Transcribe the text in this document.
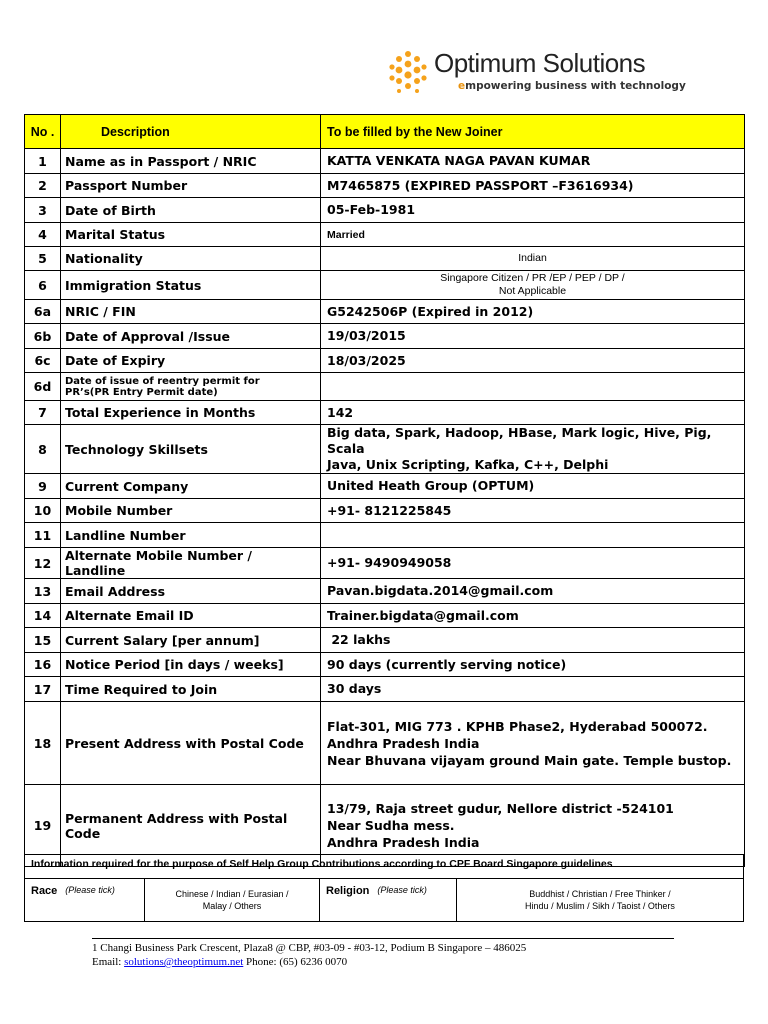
Optimum Solutions
empowering business with technology
No .	Description	To be filled by the New Joiner
1	Name as in Passport / NRIC	KATTA VENKATA NAGA PAVAN KUMAR
2	Passport Number	M7465875 (EXPIRED PASSPORT –F3616934)
3	Date of Birth	05-Feb-1981
4	Marital Status	Married
5	Nationality	Indian
6	Immigration Status	Singapore Citizen / PR /EP / PEP / DP /
Not Applicable

6a	NRIC / FIN	G5242506P (Expired in 2012)
6b	Date of Approval /Issue	19/03/2015
6c	Date of Expiry	18/03/2025
6d	Date of issue of reentry permit for
PR’s(PR Entry Permit date)	

7	Total Experience in Months	142
8	Technology Skillsets	Big data, Spark, Hadoop, HBase, Mark logic, Hive, Pig, Scala
Java, Unix Scripting, Kafka, C++, Delphi

9	Current Company	United Heath Group (OPTUM)
10	Mobile Number	+91- 8121225845
11	Landline Number	
12	Alternate Mobile Number / Landline	+91- 9490949058
13	Email Address	Pavan.bigdata.2014@gmail.com
14	Alternate Email ID	Trainer.bigdata@gmail.com
15	Current Salary [per annum]	22 lakhs
16	Notice Period [in days / weeks]	90 days (currently serving notice)
17	Time Required to Join	30 days
18	Present Address with Postal Code	Flat-301, MIG 773 . KPHB Phase2, Hyderabad 500072.
Andhra Pradesh India
Near Bhuvana vijayam ground Main gate. Temple bustop.

19	Permanent Address with Postal Code	13/79, Raja street gudur, Nellore district -524101
Near Sudha mess.
Andhra Pradesh India
Information required for the purpose of Self Help Group Contributions according to CPF Board Singapore guidelines
Race (Please tick)	Chinese / Indian / Eurasian /
Malay / Others
Religion (Please tick)	Buddhist / Christian / Free Thinker /
Hindu / Muslim / Sikh / Taoist / Others
1 Changi Business Park Crescent, Plaza8 @ CBP, #03-09 - #03-12, Podium B Singapore – 486025
Email: solutions@theoptimum.net Phone: (65) 6236 0070
